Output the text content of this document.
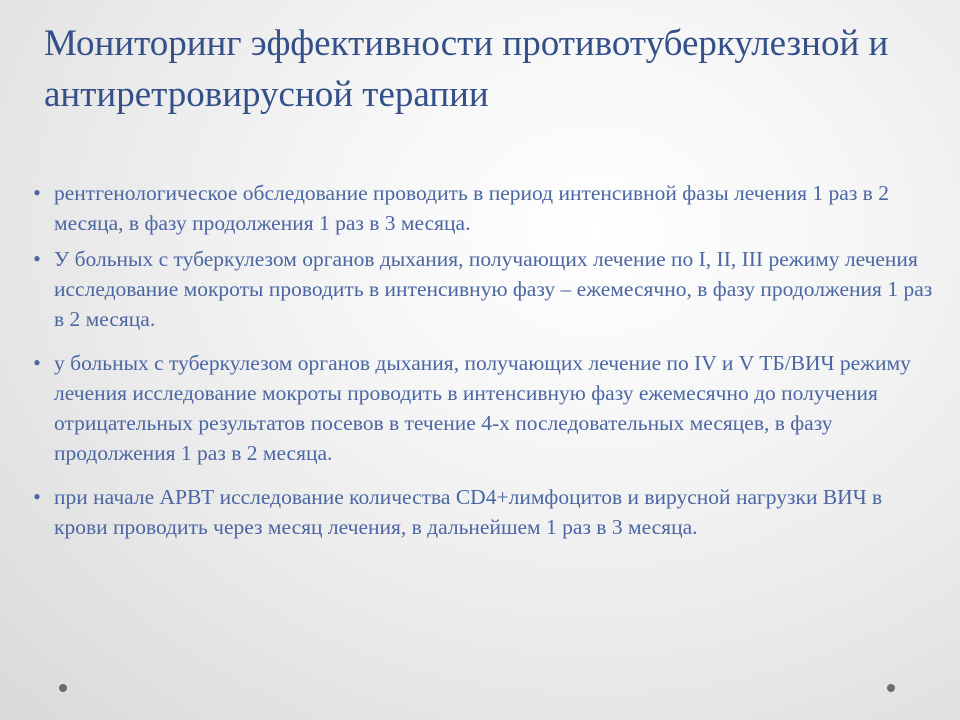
Мониторинг эффективности противотуберкулезной и антиретровирусной терапии
• рентгенологическое обследование проводить в период интенсивной фазы лечения 1 раз в 2 месяца, в фазу продолжения 1 раз в 3 месяца.
• У больных с туберкулезом органов дыхания, получающих лечение по I, II, III режиму лечения исследование мокроты проводить в интенсивную фазу – ежемесячно, в фазу продолжения 1 раз в 2 месяца.
• у больных с туберкулезом органов дыхания, получающих лечение по IV и V ТБ/ВИЧ режиму лечения исследование мокроты проводить в интенсивную фазу ежемесячно до получения отрицательных результатов посевов в течение 4-х последовательных месяцев, в фазу продолжения 1 раз в 2 месяца.
• при начале АРВТ исследование количества CD4+лимфоцитов и вирусной нагрузки ВИЧ в крови проводить через месяц лечения, в дальнейшем 1 раз в 3 месяца.
